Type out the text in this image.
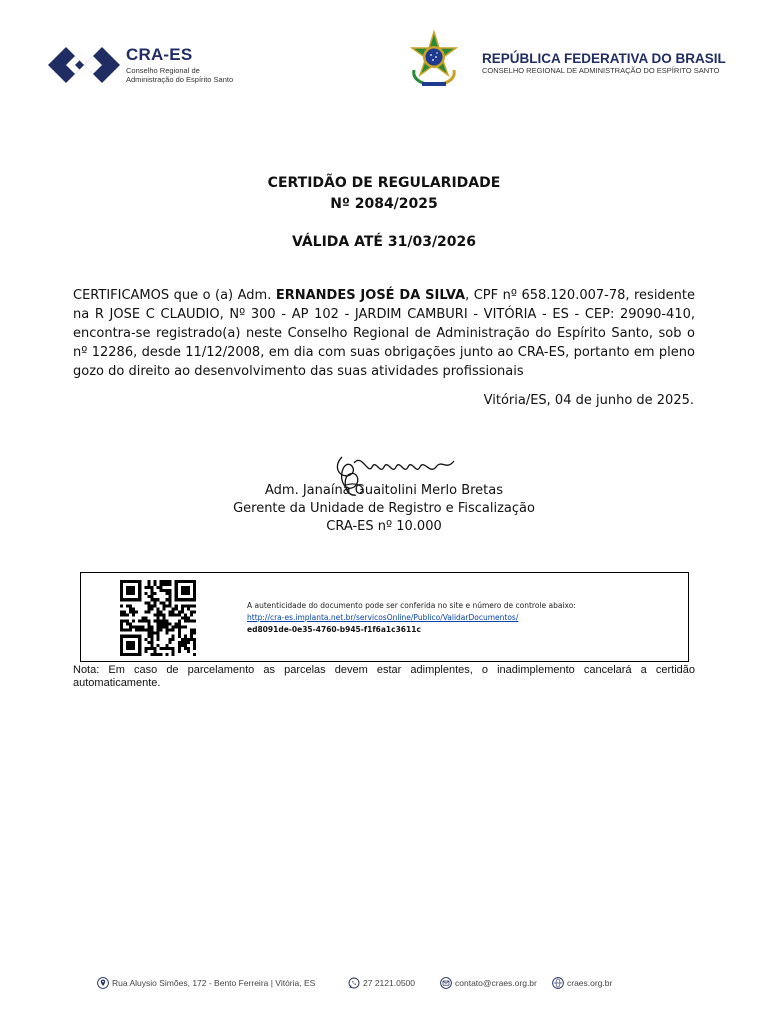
CRA-ES
Conselho Regional de
Administração do Espírito Santo
REPÚBLICA FEDERATIVA DO BRASIL
CONSELHO REGIONAL DE ADMINISTRAÇÃO DO ESPÍRITO SANTO
CERTIDÃO DE REGULARIDADE
Nº 2084/2025
VÁLIDA ATÉ 31/03/2026
CERTIFICAMOS que o (a) Adm. ERNANDES JOSÉ DA SILVA, CPF nº 658.120.007-78, residente na R JOSE C CLAUDIO, Nº 300 - AP 102 - JARDIM CAMBURI - VITÓRIA - ES - CEP: 29090-410, encontra-se registrado(a) neste Conselho Regional de Administração do Espírito Santo, sob o nº 12286, desde 11/12/2008, em dia com suas obrigações junto ao CRA-ES, portanto em pleno gozo do direito ao desenvolvimento das suas atividades profissionais
Vitória/ES, 04 de junho de 2025.
Adm. Janaína Guaitolini Merlo Bretas
Gerente da Unidade de Registro e Fiscalização
CRA-ES nº 10.000
A autenticidade do documento pode ser conferida no site e número de controle abaixo:
http://cra-es.implanta.net.br/servicosOnline/Publico/ValidarDocumentos/
ed8091de-0e35-4760-b945-f1f6a1c3611c
Nota: Em caso de parcelamento as parcelas devem estar adimplentes, o inadimplemento cancelará a certidão automaticamente.
Rua Aluysio Simões, 172 - Bento Ferreira | Vitória, ES	27 2121.0500	contato@craes.org.br	craes.org.br
